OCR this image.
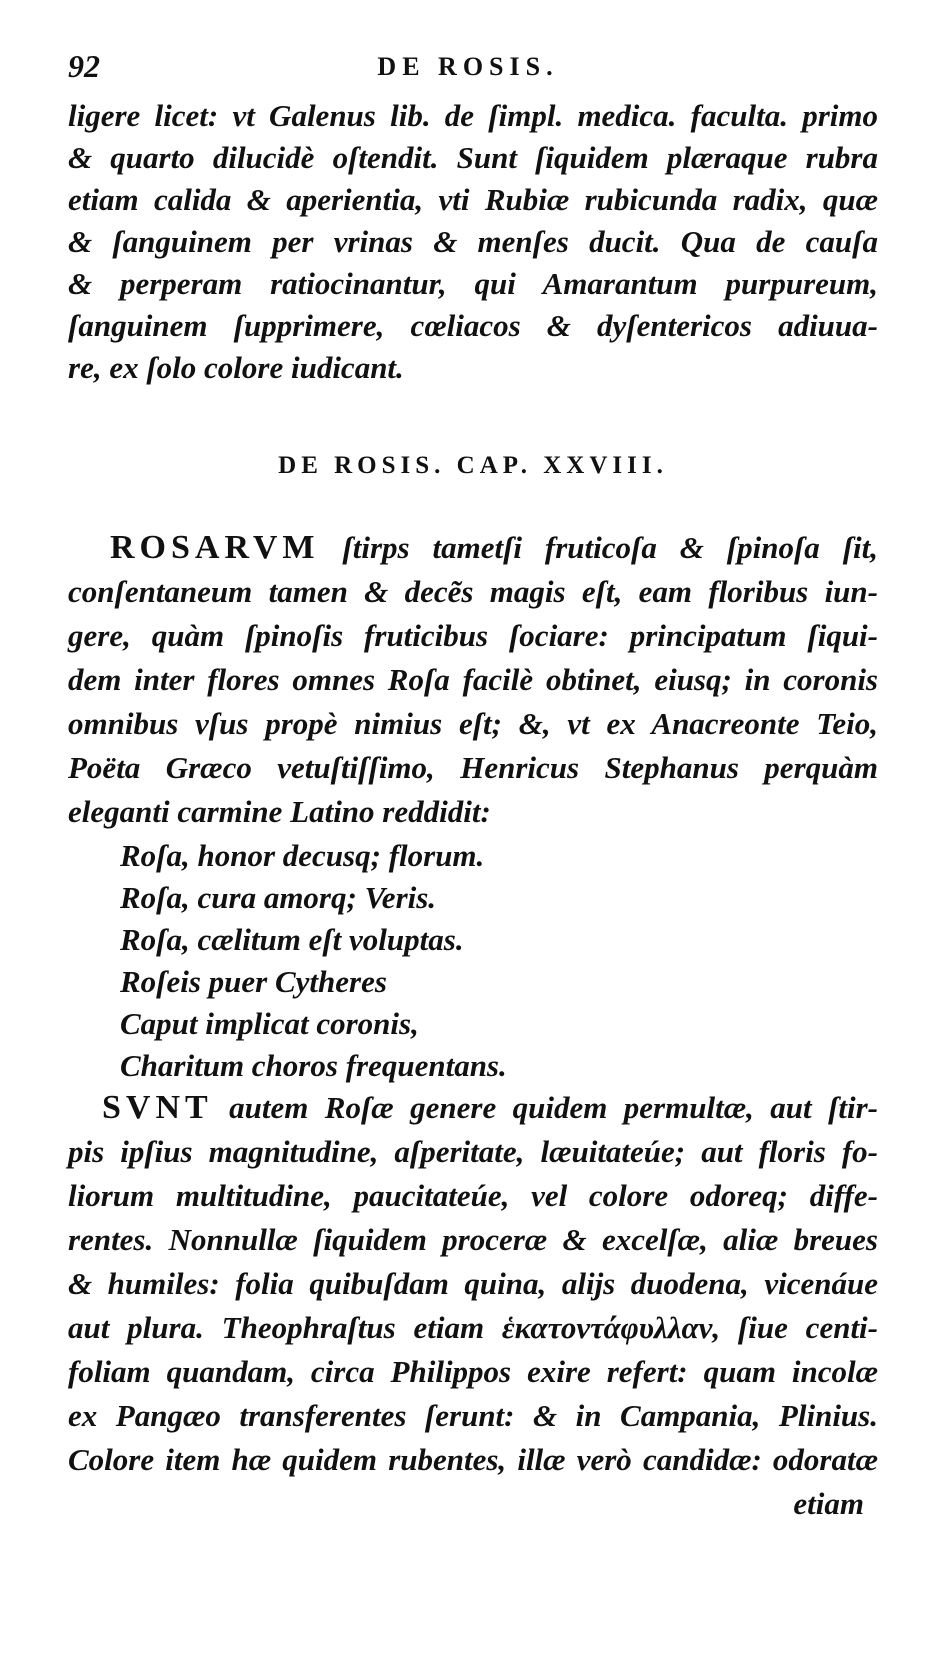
92	DE ROSIS.
ligere licet: vt Galenus lib. de ſimpl. medica. faculta. primo
& quarto dilucidè oſtendit. Sunt ſiquidem plæraque rubra
etiam calida & aperientia, vti Rubiæ rubicunda radix, quæ
& ſanguinem per vrinas & menſes ducit. Qua de cauſa
& perperam ratiocinantur, qui Amarantum purpureum,
ſanguinem ſupprimere, cœliacos & dyſentericos adiuua-
re, ex ſolo colore iudicant.
DE ROSIS. CAP. XXVIII.
ROSARVM ſtirps tametſi fruticoſa & ſpinoſa ſit,
conſentaneum tamen & decẽs magis eſt, eam floribus iun-
gere, quàm ſpinoſis fruticibus ſociare: principatum ſiqui-
dem inter flores omnes Roſa facilè obtinet, eiusq; in coronis
omnibus vſus propè nimius eſt; &, vt ex Anacreonte Teio,
Poëta Græco vetuſtiſſimo, Henricus Stephanus perquàm
eleganti carmine Latino reddidit:
Roſa, honor decusq; florum.
Roſa, cura amorq; Veris.
Roſa, cælitum eſt voluptas.
Roſeis puer Cytheres
Caput implicat coronis,
Charitum choros frequentans.
SVNT autem Roſæ genere quidem permultæ, aut ſtir-
pis ipſius magnitudine, aſperitate, læuitateúe; aut floris fo-
liorum multitudine, paucitateúe, vel colore odoreq; diffe-
rentes. Nonnullæ ſiquidem proceræ & excelſæ, aliæ breues
& humiles: folia quibuſdam quina, alijs duodena, vicenáue
aut plura. Theophraſtus etiam ἑκατοντάφυλλαν, ſiue centi-
foliam quandam, circa Philippos exire refert: quam incolæ
ex Pangæo transferentes ſerunt: & in Campania, Plinius.
Colore item hæ quidem rubentes, illæ verò candidæ: odoratæ
etiam
